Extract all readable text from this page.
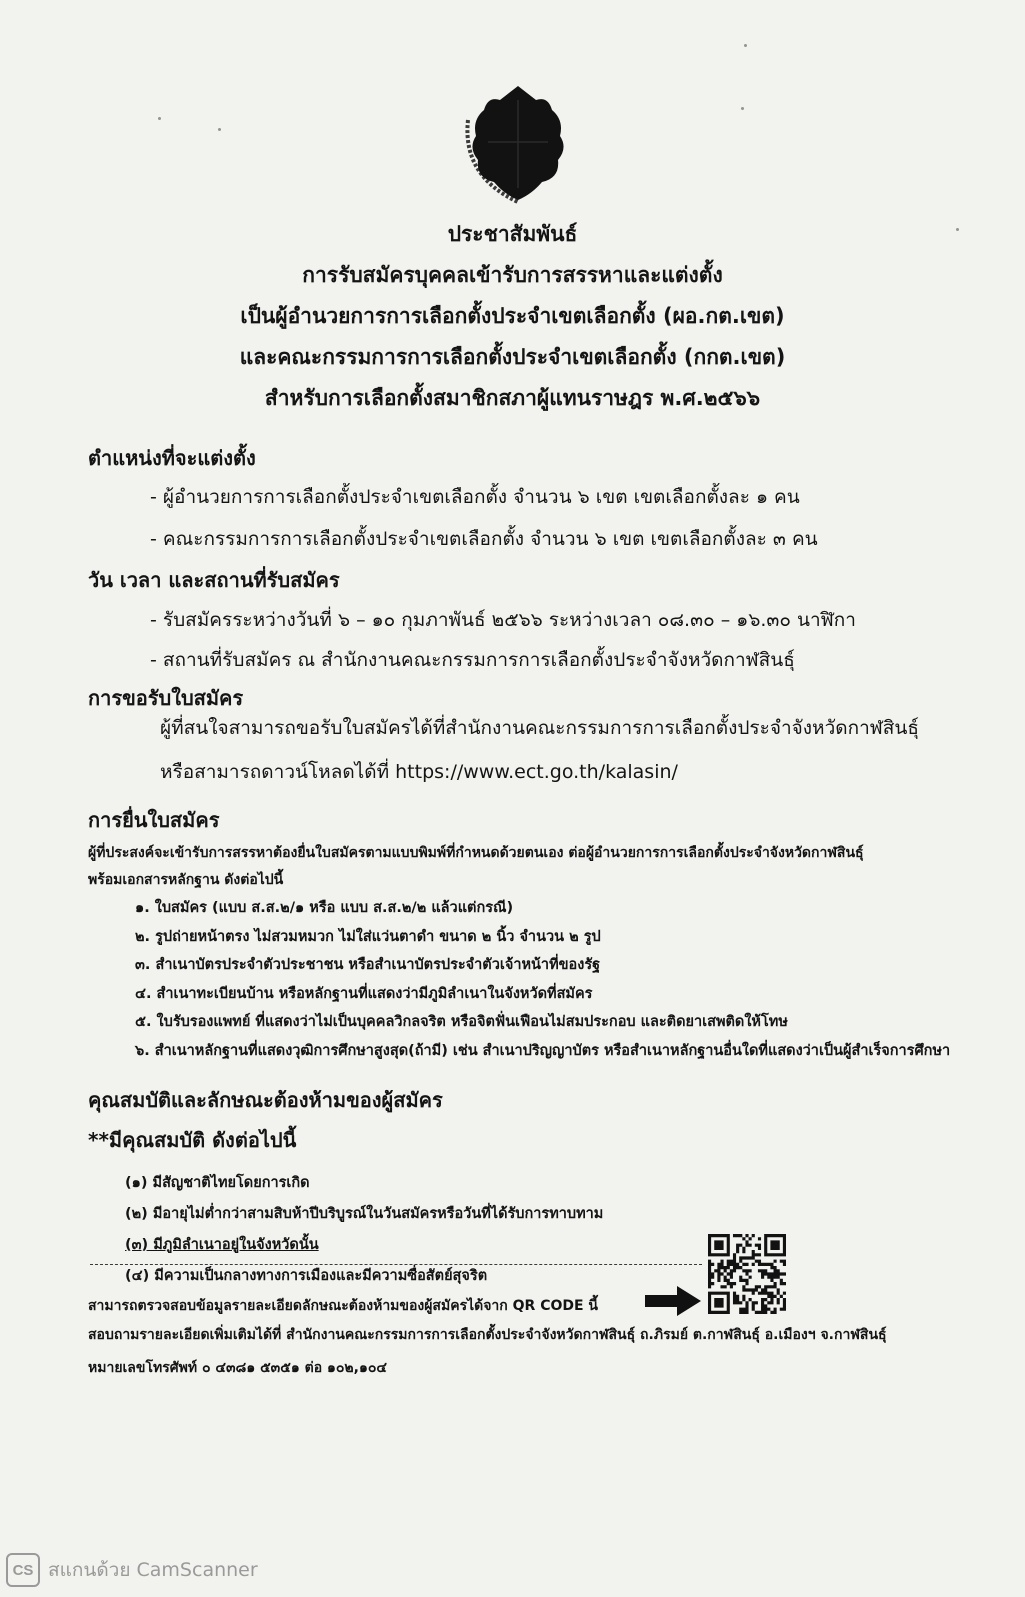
ประชาสัมพันธ์
การรับสมัครบุคคลเข้ารับการสรรหาและแต่งตั้ง
เป็นผู้อำนวยการการเลือกตั้งประจำเขตเลือกตั้ง (ผอ.กต.เขต)
และคณะกรรมการการเลือกตั้งประจำเขตเลือกตั้ง (กกต.เขต)
สำหรับการเลือกตั้งสมาชิกสภาผู้แทนราษฎร พ.ศ.๒๕๖๖
ตำแหน่งที่จะแต่งตั้ง
- ผู้อำนวยการการเลือกตั้งประจำเขตเลือกตั้ง จำนวน ๖ เขต เขตเลือกตั้งละ ๑ คน
- คณะกรรมการการเลือกตั้งประจำเขตเลือกตั้ง จำนวน ๖ เขต เขตเลือกตั้งละ ๓ คน
วัน เวลา และสถานที่รับสมัคร
- รับสมัครระหว่างวันที่ ๖ – ๑๐ กุมภาพันธ์ ๒๕๖๖ ระหว่างเวลา ๐๘.๓๐ – ๑๖.๓๐ นาฬิกา
- สถานที่รับสมัคร ณ สำนักงานคณะกรรมการการเลือกตั้งประจำจังหวัดกาฬสินธุ์
การขอรับใบสมัคร
ผู้ที่สนใจสามารถขอรับใบสมัครได้ที่สำนักงานคณะกรรมการการเลือกตั้งประจำจังหวัดกาฬสินธุ์
หรือสามารถดาวน์โหลดได้ที่ https://www.ect.go.th/kalasin/
การยื่นใบสมัคร
ผู้ที่ประสงค์จะเข้ารับการสรรหาต้องยื่นใบสมัครตามแบบพิมพ์ที่กำหนดด้วยตนเอง ต่อผู้อำนวยการการเลือกตั้งประจำจังหวัดกาฬสินธุ์
พร้อมเอกสารหลักฐาน ดังต่อไปนี้
๑. ใบสมัคร (แบบ ส.ส.๒/๑ หรือ แบบ ส.ส.๒/๒ แล้วแต่กรณี)
๒. รูปถ่ายหน้าตรง ไม่สวมหมวก ไม่ใส่แว่นตาดำ ขนาด ๒ นิ้ว จำนวน ๒ รูป
๓. สำเนาบัตรประจำตัวประชาชน หรือสำเนาบัตรประจำตัวเจ้าหน้าที่ของรัฐ
๔. สำเนาทะเบียนบ้าน หรือหลักฐานที่แสดงว่ามีภูมิลำเนาในจังหวัดที่สมัคร
๕. ใบรับรองแพทย์ ที่แสดงว่าไม่เป็นบุคคลวิกลจริต หรือจิตฟั่นเฟือนไม่สมประกอบ และติดยาเสพติดให้โทษ
๖. สำเนาหลักฐานที่แสดงวุฒิการศึกษาสูงสุด(ถ้ามี) เช่น สำเนาปริญญาบัตร หรือสำเนาหลักฐานอื่นใดที่แสดงว่าเป็นผู้สำเร็จการศึกษา
คุณสมบัติและลักษณะต้องห้ามของผู้สมัคร
**มีคุณสมบัติ ดังต่อไปนี้
(๑) มีสัญชาติไทยโดยการเกิด
(๒) มีอายุไม่ต่ำกว่าสามสิบห้าปีบริบูรณ์ในวันสมัครหรือวันที่ได้รับการทาบทาม
(๓) มีภูมิลำเนาอยู่ในจังหวัดนั้น
(๔) มีความเป็นกลางทางการเมืองและมีความซื่อสัตย์สุจริต
สามารถตรวจสอบข้อมูลรายละเอียดลักษณะต้องห้ามของผู้สมัครได้จาก QR CODE นี้
สอบถามรายละเอียดเพิ่มเติมได้ที่ สำนักงานคณะกรรมการการเลือกตั้งประจำจังหวัดกาฬสินธุ์ ถ.ภิรมย์ ต.กาฬสินธุ์ อ.เมืองฯ จ.กาฬสินธุ์
หมายเลขโทรศัพท์ ๐ ๔๓๘๑ ๕๓๕๑ ต่อ ๑๐๒,๑๐๔
CS สแกนด้วย CamScanner
